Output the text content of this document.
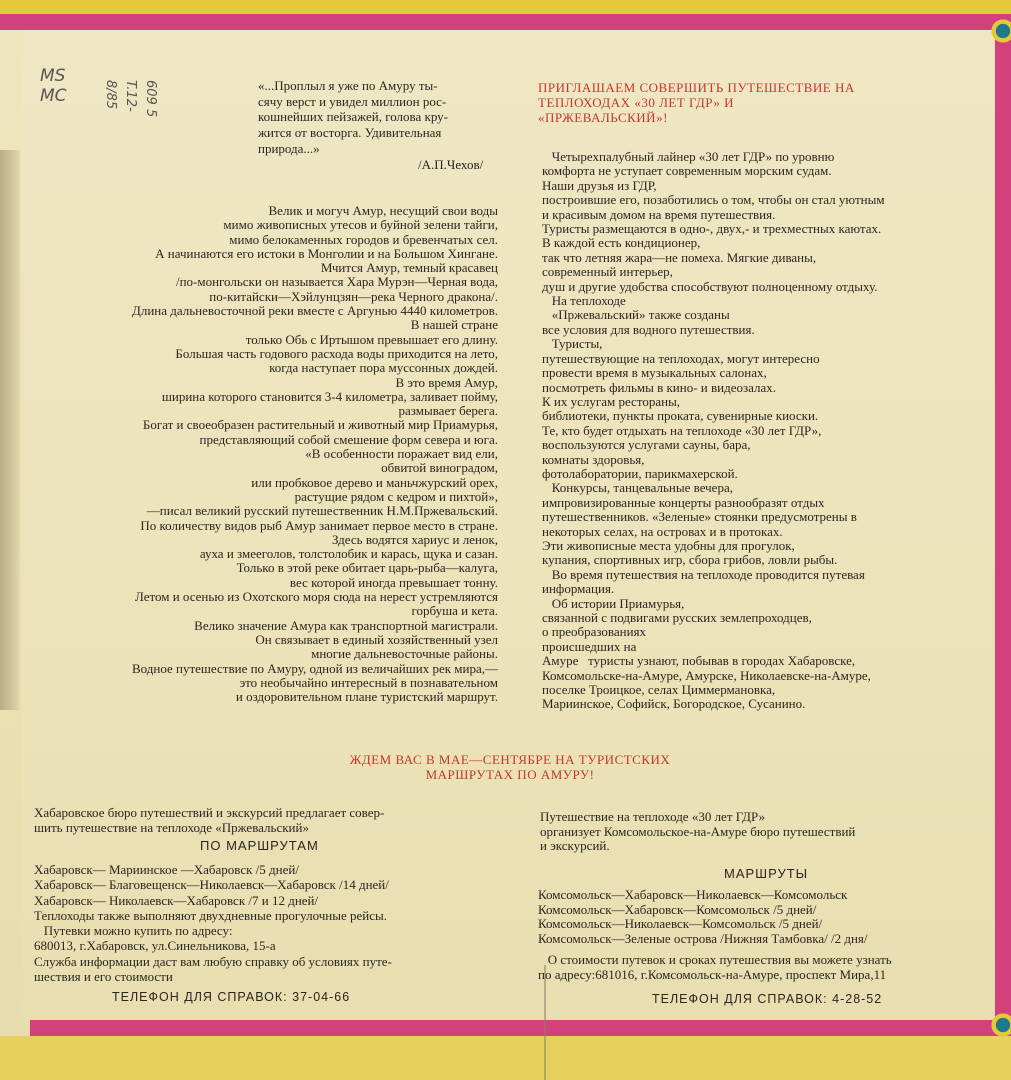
MS
MC	609 5
T.12-
8/85	«...Проплыл я уже по Амуру ты-
сячу верст и увидел миллион рос-
кошнейших пейзажей, голова кру-
жится от восторга. Удивительная
природа...»
/А.П.Чехов/
Велик и могуч Амур, несущий свои воды
мимо живописных утесов и буйной зелени тайги,
мимо белокаменных городов и бревенчатых сел.
А начинаются его истоки в Монголии и на Большом Хингане.
Мчится Амур, темный красавец
/по-монгольски он называется Хара Мурэн—Черная вода,
по-китайски—Хэйлунцзян—река Черного дракона/.
Длина дальневосточной реки вместе с Аргунью 4440 километров.
В нашей стране
только Обь с Иртышом превышает его длину.
Большая часть годового расхода воды приходится на лето,
когда наступает пора муссонных дождей.
В это время Амур,
ширина которого становится 3-4 километра, заливает пойму,
размывает берега.
Богат и своеобразен растительный и животный мир Приамурья,
представляющий собой смешение форм севера и юга.
«В особенности поражает вид ели,
обвитой виноградом,
или пробковое дерево и маньчжурский орех,
растущие рядом с кедром и пихтой»,
—писал великий русский путешественник Н.М.Пржевальский.
По количеству видов рыб Амур занимает первое место в стране.
Здесь водятся хариус и ленок,
ауха и змееголов, толстолобик и карась, щука и сазан.
Только в этой реке обитает царь-рыба—калуга,
вес которой иногда превышает тонну.
Летом и осенью из Охотского моря сюда на нерест устремляются
горбуша и кета.
Велико значение Амура как транспортной магистрали.
Он связывает в единый хозяйственный узел
многие дальневосточные районы.
Водное путешествие по Амуру, одной из величайших рек мира,—
это необычайно интересный в познавательном
и оздоровительном плане туристский маршрут.
ПРИГЛАШАЕМ СОВЕРШИТЬ ПУТЕШЕСТВИЕ НА
ТЕПЛОХОДАХ «30 ЛЕТ ГДР» И
«ПРЖЕВАЛЬСКИЙ»!
Четырехпалубный лайнер «30 лет ГДР» по уровню
комфорта не уступает современным морским судам.
Наши друзья из ГДР,
построившие его, позаботились о том, чтобы он стал уютным
и красивым домом на время путешествия.
Туристы размещаются в одно-, двух,- и трехместных каютах.
В каждой есть кондиционер,
так что летняя жара—не помеха. Мягкие диваны,
современный интерьер,
душ и другие удобства способствуют полноценному отдыху.
На теплоходе
«Пржевальский» также созданы
все условия для водного путешествия.
Туристы,
путешествующие на теплоходах, могут интересно
провести время в музыкальных салонах,
посмотреть фильмы в кино- и видеозалах.
К их услугам рестораны,
библиотеки, пункты проката, сувенирные киоски.
Те, кто будет отдыхать на теплоходе «30 лет ГДР»,
воспользуются услугами сауны, бара,
комнаты здоровья,
фотолаборатории, парикмахерской.
Конкурсы, танцевальные вечера,
импровизированные концерты разнообразят отдых
путешественников. «Зеленые» стоянки предусмотрены в
некоторых селах, на островах и в протоках.
Эти живописные места удобны для прогулок,
купания, спортивных игр, сбора грибов, ловли рыбы.
Во время путешествия на теплоходе проводится путевая
информация.
Об истории Приамурья,
связанной с подвигами русских землепроходцев,
о преобразованиях
происшедших на
Амуре   туристы узнают, побывав в городах Хабаровске,
Комсомольске-на-Амуре, Амурске, Николаевске-на-Амуре,
поселке Троицкое, селах Циммермановка,
Мариинское, Софийск, Богородское, Сусанино.
ЖДЕМ ВАС В МАЕ—СЕНТЯБРЕ НА ТУРИСТСКИХ
МАРШРУТАХ ПО АМУРУ!
Хабаровское бюро путешествий и экскурсий предлагает совер-
шить путешествие на теплоходе «Пржевальский»
ПО МАРШРУТАМ
Хабаровск— Мариинское —Хабаровск /5 дней/
Хабаровск— Благовещенск—Николаевск—Хабаровск /14 дней/
Хабаровск— Николаевск—Хабаровск /7 и 12 дней/
Теплоходы также выполняют двухдневные прогулочные рейсы.
Путевки можно купить по адресу:
680013, г.Хабаровск, ул.Синельникова, 15-а
Служба информации даст вам любую справку об условиях путе-
шествия и его стоимости
ТЕЛЕФОН ДЛЯ СПРАВОК: 37-04-66
Путешествие на теплоходе «30 лет ГДР»
организует Комсомольское-на-Амуре бюро путешествий
и экскурсий.
МАРШРУТЫ
Комсомольск—Хабаровск—Николаевск—Комсомольск
Комсомольск—Хабаровск—Комсомольск /5 дней/
Комсомольск—Николаевск—Комсомольск /5 дней/
Комсомольск—Зеленые острова /Нижняя Тамбовка/ /2 дня/
О стоимости путевок и сроках путешествия вы можете узнать
по адресу:681016, г.Комсомольск-на-Амуре, проспект Мира,11
ТЕЛЕФОН ДЛЯ СПРАВОК: 4-28-52
